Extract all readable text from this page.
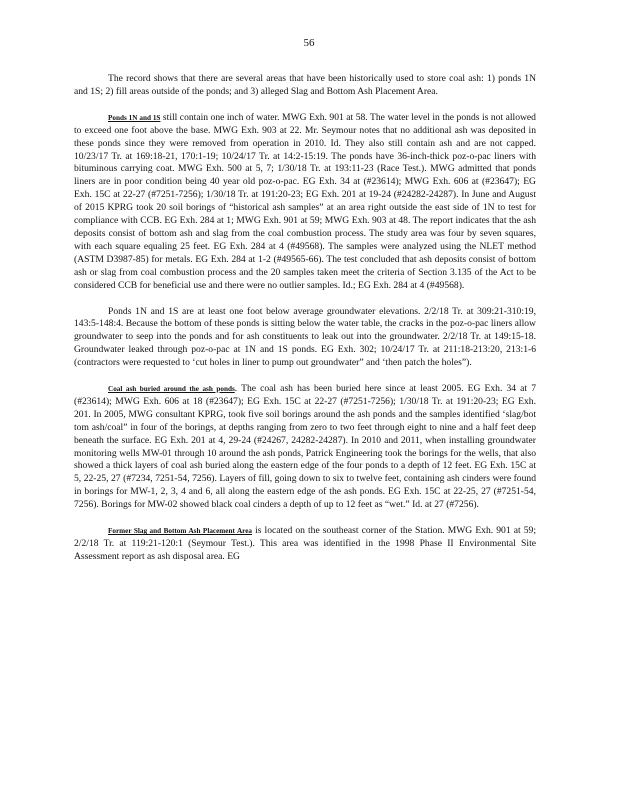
56

The record shows that there are several areas that have been historically used to store coal ash: 1) ponds 1N and 1S; 2) fill areas outside of the ponds; and 3) alleged Slag and Bottom Ash Placement Area.

Ponds 1N and 1S still contain one inch of water. MWG Exh. 901 at 58. The water level in the ponds is not allowed to exceed one foot above the base. MWG Exh. 903 at 22. Mr. Seymour notes that no additional ash was deposited in these ponds since they were removed from operation in 2010. Id. They also still contain ash and are not capped. 10/23/17 Tr. at 169:18-21, 170:1-19; 10/24/17 Tr. at 14:2-15:19. The ponds have 36-inch-thick poz-o-pac liners with bituminous carrying coat. MWG Exh. 500 at 5, 7; 1/30/18 Tr. at 193:11-23 (Race Test.). MWG admitted that ponds liners are in poor condition being 40 year old poz-o-pac. EG Exh. 34 at (#23614); MWG Exh. 606 at (#23647); EG Exh. 15C at 22-27 (#7251-7256); 1/30/18 Tr. at 191:20-23; EG Exh. 201 at 19-24 (#24282-24287). In June and August of 2015 KPRG took 20 soil borings of “historical ash samples” at an area right outside the east side of 1N to test for compliance with CCB. EG Exh. 284 at 1; MWG Exh. 901 at 59; MWG Exh. 903 at 48. The report indicates that the ash deposits consist of bottom ash and slag from the coal combustion process. The study area was four by seven squares, with each square equaling 25 feet. EG Exh. 284 at 4 (#49568). The samples were analyzed using the NLET method (ASTM D3987-85) for metals. EG Exh. 284 at 1-2 (#49565-66). The test concluded that ash deposits consist of bottom ash or slag from coal combustion process and the 20 samples taken meet the criteria of Section 3.135 of the Act to be considered CCB for beneficial use and there were no outlier samples. Id.; EG Exh. 284 at 4 (#49568).

Ponds 1N and 1S are at least one foot below average groundwater elevations. 2/2/18 Tr. at 309:21-310:19, 143:5-148:4. Because the bottom of these ponds is sitting below the water table, the cracks in the poz-o-pac liners allow groundwater to seep into the ponds and for ash constituents to leak out into the groundwater. 2/2/18 Tr. at 149:15-18. Groundwater leaked through poz-o-pac at 1N and 1S ponds. EG Exh. 302; 10/24/17 Tr. at 211:18-213:20, 213:1-6 (contractors were requested to ‘cut holes in liner to pump out groundwater” and ‘then patch the holes”).

Coal ash buried around the ash ponds. The coal ash has been buried here since at least 2005. EG Exh. 34 at 7 (#23614); MWG Exh. 606 at 18 (#23647); EG Exh. 15C at 22-27 (#7251-7256); 1/30/18 Tr. at 191:20-23; EG Exh. 201. In 2005, MWG consultant KPRG, took five soil borings around the ash ponds and the samples identified ‘slag/bot tom ash/coal” in four of the borings, at depths ranging from zero to two feet through eight to nine and a half feet deep beneath the surface. EG Exh. 201 at 4, 29-24 (#24267, 24282-24287). In 2010 and 2011, when installing groundwater monitoring wells MW-01 through 10 around the ash ponds, Patrick Engineering took the borings for the wells, that also showed a thick layers of coal ash buried along the eastern edge of the four ponds to a depth of 12 feet. EG Exh. 15C at 5, 22-25, 27 (#7234, 7251-54, 7256). Layers of fill, going down to six to twelve feet, containing ash cinders were found in borings for MW-1, 2, 3, 4 and 6, all along the eastern edge of the ash ponds. EG Exh. 15C at 22-25, 27 (#7251-54, 7256). Borings for MW-02 showed black coal cinders a depth of up to 12 feet as “wet.” Id. at 27 (#7256).

Former Slag and Bottom Ash Placement Area is located on the southeast corner of the Station. MWG Exh. 901 at 59; 2/2/18 Tr. at 119:21-120:1 (Seymour Test.). This area was identified in the 1998 Phase II Environmental Site Assessment report as ash disposal area. EG
